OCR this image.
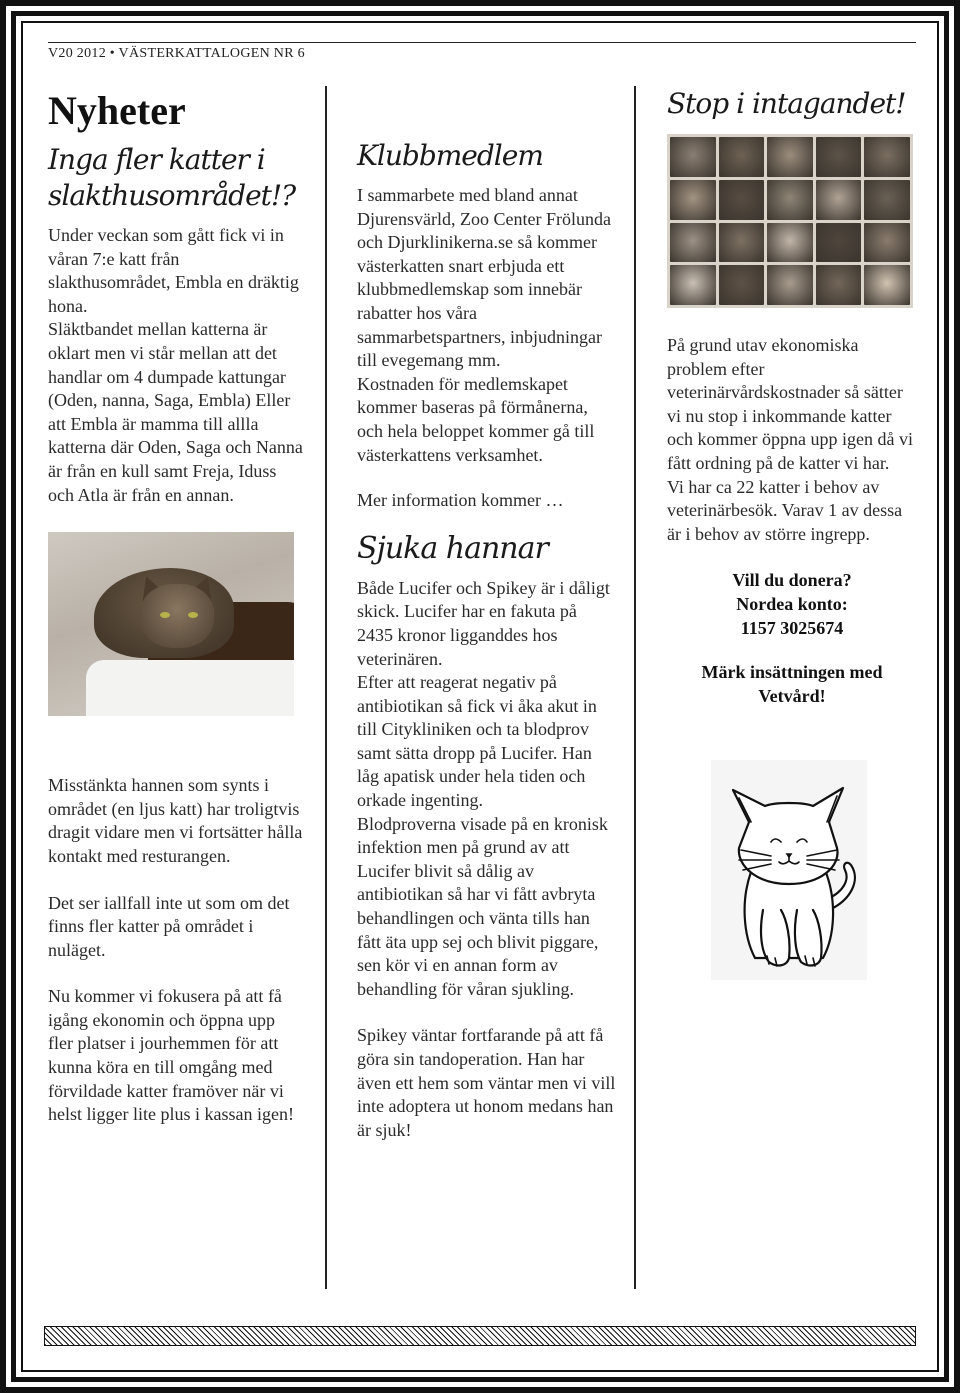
V20 2012 • VÄSTERKATTALOGEN NR 6
Nyheter
Inga fler katter i
slakthusområdet!?

Under veckan som gått fick vi in våran 7:e katt från slakthusområdet, Embla en dräktig hona.

Släktbandet mellan katterna är oklart men vi står mellan att det handlar om 4 dumpade kattungar (Oden, nanna, Saga, Embla) Eller att Embla är mamma till allla katterna där Oden, Saga och Nanna är från en kull samt Freja, Iduss och Atla är från en annan.

Misstänkta hannen som synts i området (en ljus katt) har troligtvis dragit vidare men vi fortsätter hålla kontakt med resturangen.

Det ser iallfall inte ut som om det finns fler katter på området i nuläget.

Nu kommer vi fokusera på att få igång ekonomin och öppna upp fler platser i jourhemmen för att kunna köra en till omgång med förvildade katter framöver när vi helst ligger lite plus i kassan igen!

Klubbmedlem

I sammarbete med bland annat Djurensvärld, Zoo Center Frölunda och Djurklinikerna.se så kommer västerkatten snart erbjuda ett klubbmedlemskap som innebär rabatter hos våra sammarbetspartners, inbjudningar till evegemang mm.

Kostnaden för medlemskapet kommer baseras på förmånerna, och hela beloppet kommer gå till västerkattens verksamhet.

Mer information kommer …

Sjuka hannar

Både Lucifer och Spikey är i dåligt skick. Lucifer har en fakuta på 2435 kronor ligganddes hos veterinären.

Efter att reagerat negativ på antibiotikan så fick vi åka akut in till Citykliniken och ta blodprov samt sätta dropp på Lucifer. Han låg apatisk under hela tiden och orkade ingenting.

Blodproverna visade på en kronisk infektion men på grund av att Lucifer blivit så dålig av antibiotikan så har vi fått avbryta behandlingen och vänta tills han fått äta upp sej och blivit piggare, sen kör vi en annan form av behandling för våran sjukling.

Spikey väntar fortfarande på att få göra sin tandoperation. Han har även ett hem som väntar men vi vill inte adoptera ut honom medans han är sjuk!

Stop i intagandet!

På grund utav ekonomiska problem efter veterinärvårdskostnader så sätter vi nu stop i inkommande katter och kommer öppna upp igen då vi fått ordning på de katter vi har.

Vi har ca 22 katter i behov av veterinärbesök. Varav 1 av dessa är i behov av större ingrepp.

Vill du donera?
Nordea konto:
1157 3025674
Märk insättningen med
Vetvård!
